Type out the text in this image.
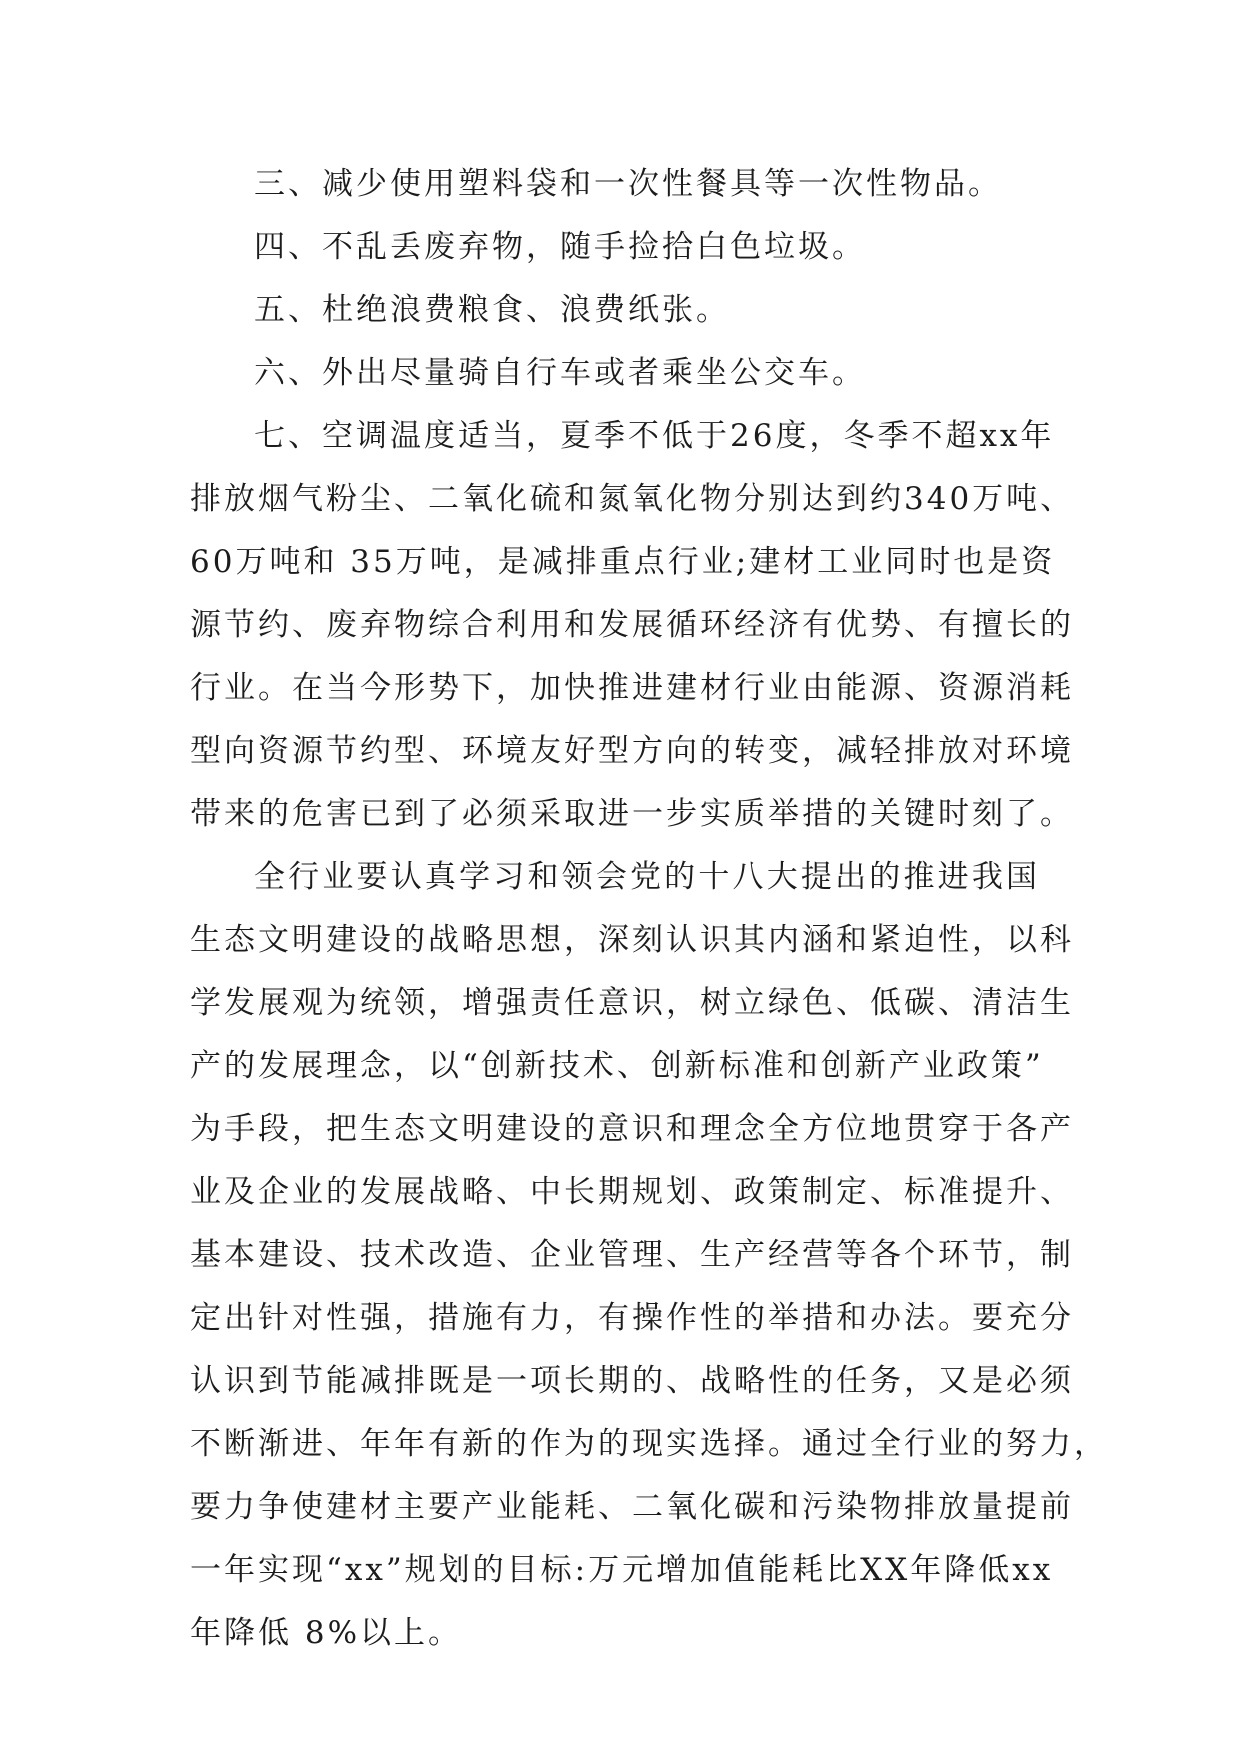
三、减少使用塑料袋和一次性餐具等一次性物品。
四、不乱丢废弃物，随手捡拾白色垃圾。
五、杜绝浪费粮食、浪费纸张。
六、外出尽量骑自行车或者乘坐公交车。
七、空调温度适当，夏季不低于26度，冬季不超xx年
排放烟气粉尘、二氧化硫和氮氧化物分别达到约340万吨、
60万吨和 35万吨，是减排重点行业;建材工业同时也是资
源节约、废弃物综合利用和发展循环经济有优势、有擅长的
行业。在当今形势下，加快推进建材行业由能源、资源消耗
型向资源节约型、环境友好型方向的转变，减轻排放对环境
带来的危害已到了必须采取进一步实质举措的关键时刻了。
全行业要认真学习和领会党的十八大提出的推进我国
生态文明建设的战略思想，深刻认识其内涵和紧迫性，以科
学发展观为统领，增强责任意识，树立绿色、低碳、清洁生
产的发展理念，以“创新技术、创新标准和创新产业政策”
为手段，把生态文明建设的意识和理念全方位地贯穿于各产
业及企业的发展战略、中长期规划、政策制定、标准提升、
基本建设、技术改造、企业管理、生产经营等各个环节，制
定出针对性强，措施有力，有操作性的举措和办法。要充分
认识到节能减排既是一项长期的、战略性的任务，又是必须
不断渐进、年年有新的作为的现实选择。通过全行业的努力，
要力争使建材主要产业能耗、二氧化碳和污染物排放量提前
一年实现“xx”规划的目标:万元增加值能耗比XX年降低xx
年降低 8%以上。
